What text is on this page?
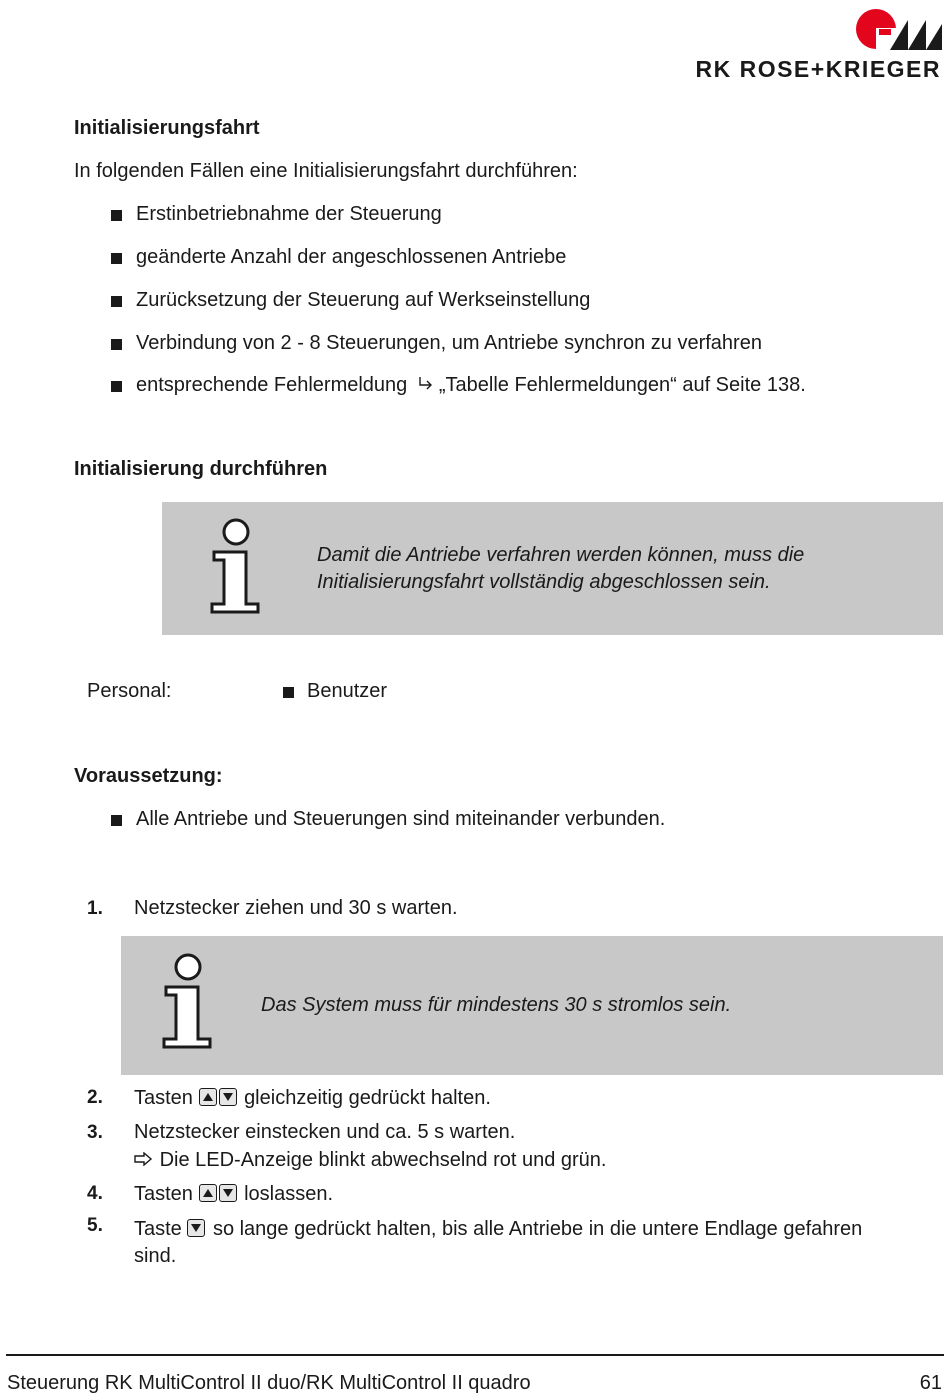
RK ROSE+KRIEGER
Initialisierungsfahrt
In folgenden Fällen eine Initialisierungsfahrt durchführen:
Erstinbetriebnahme der Steuerung
geänderte Anzahl der angeschlossenen Antriebe
Zurücksetzung der Steuerung auf Werkseinstellung
Verbindung von 2 - 8 Steuerungen, um Antriebe synchron zu verfahren
entsprechende Fehlermeldung „Tabelle Fehlermeldungen“ auf Seite 138.
Initialisierung durchführen
Damit die Antriebe verfahren werden können, muss die
Initialisierungsfahrt vollständig abgeschlossen sein.
Personal:	Benutzer
Voraussetzung:
Alle Antriebe und Steuerungen sind miteinander verbunden.
1. Netzstecker ziehen und 30 s warten.
Das System muss für mindestens 30 s stromlos sein.
2. Tasten	gleichzeitig gedrückt halten.
3. Netzstecker einstecken und ca. 5 s warten.
Die LED-Anzeige blinkt abwechselnd rot und grün.
4. Tasten	loslassen.
5. Taste so lange gedrückt halten, bis alle Antriebe in die untere Endlage gefahren
sind.
Steuerung RK MultiControl II duo/RK MultiControl II quadro	61
